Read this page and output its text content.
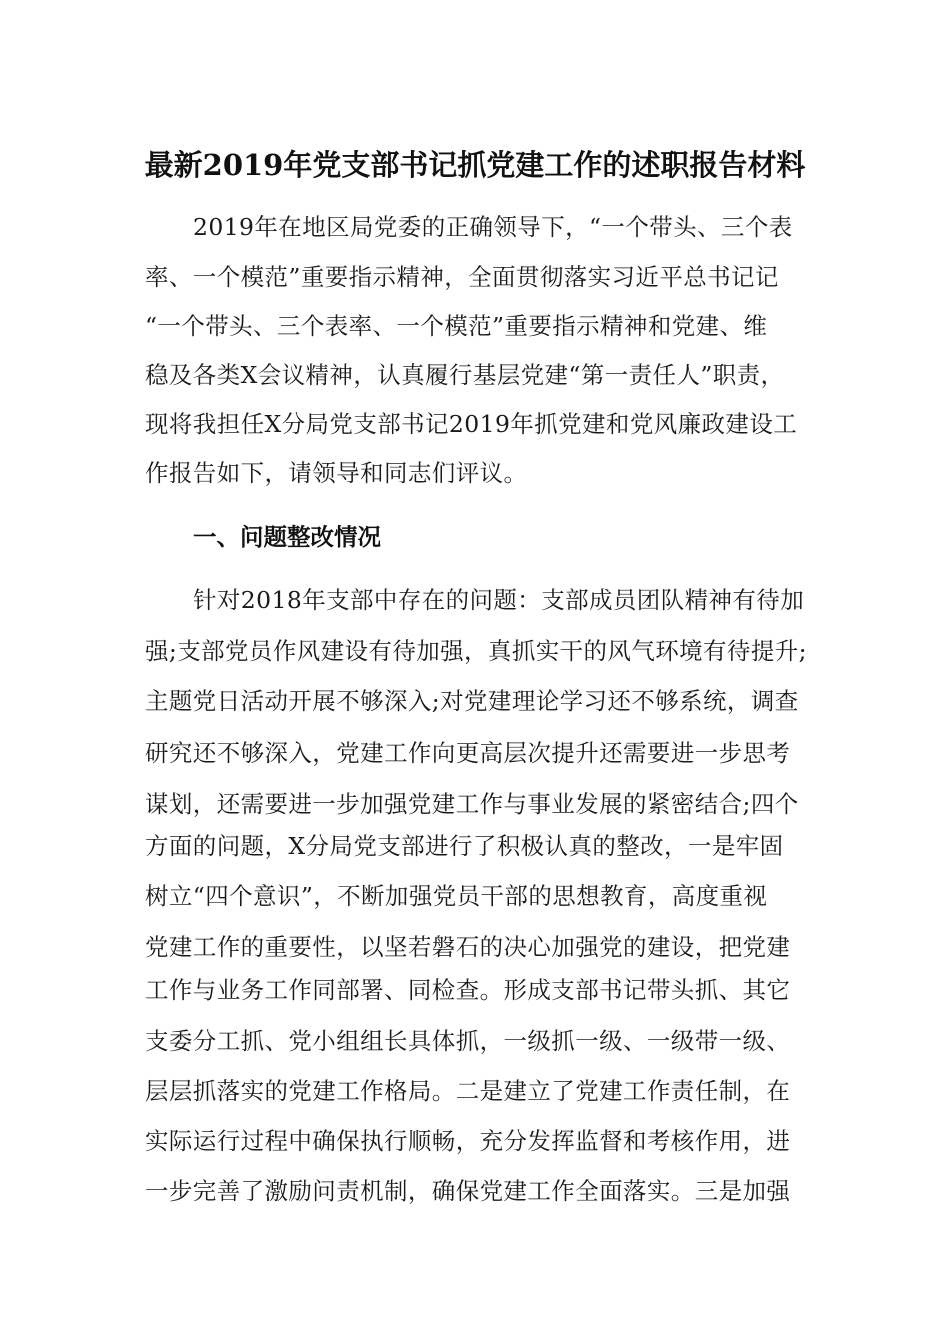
最新2019年党支部书记抓党建工作的述职报告材料
2019年在地区局党委的正确领导下，“一个带头、三个表
率、一个模范”重要指示精神，全面贯彻落实习近平总书记记
“一个带头、三个表率、一个模范”重要指示精神和党建、维
稳及各类X会议精神，认真履行基层党建“第一责任人”职责，
现将我担任X分局党支部书记2019年抓党建和党风廉政建设工
作报告如下，请领导和同志们评议。
一、问题整改情况
针对2018年支部中存在的问题：支部成员团队精神有待加
强;支部党员作风建设有待加强，真抓实干的风气环境有待提升;
主题党日活动开展不够深入;对党建理论学习还不够系统，调查
研究还不够深入，党建工作向更高层次提升还需要进一步思考
谋划，还需要进一步加强党建工作与事业发展的紧密结合;四个
方面的问题，X分局党支部进行了积极认真的整改，一是牢固
树立“四个意识”，不断加强党员干部的思想教育，高度重视
党建工作的重要性，以坚若磐石的决心加强党的建设，把党建
工作与业务工作同部署、同检查。形成支部书记带头抓、其它
支委分工抓、党小组组长具体抓，一级抓一级、一级带一级、
层层抓落实的党建工作格局。二是建立了党建工作责任制，在
实际运行过程中确保执行顺畅，充分发挥监督和考核作用，进
一步完善了激励问责机制，确保党建工作全面落实。三是加强
